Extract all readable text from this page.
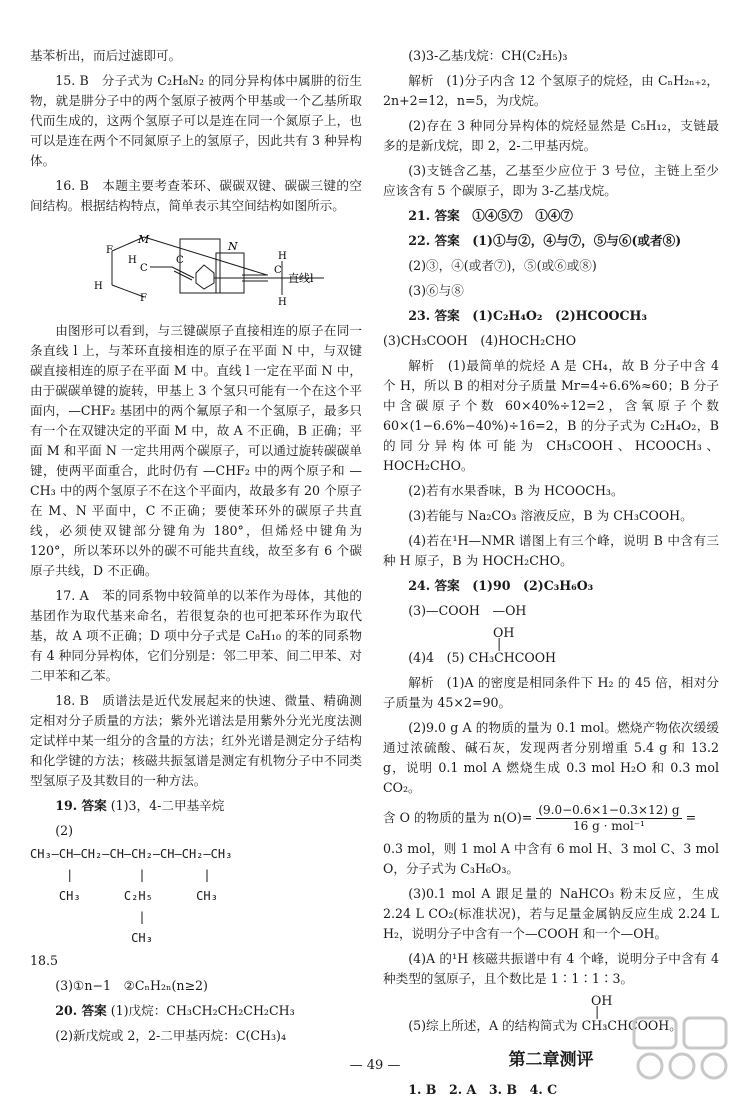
基苯析出，而后过滤即可。

15. B　分子式为 C₂H₈N₂ 的同分异构体中属肼的衍生物，就是肼分子中的两个氢原子被两个甲基或一个乙基所取代而生成的，这两个氢原子可以是连在同一个氮原子上，也可以是连在两个不同氮原子上的氢原子，因此共有 3 种异构体。

16. B　本题主要考查苯环、碳碳双键、碳碳三键的空间结构。根据结构特点，简单表示其空间结构如图所示。

M
N
F
F
H
H
H
H
C
C
C
直线l

由图形可以看到，与三键碳原子直接相连的原子在同一条直线 l 上，与苯环直接相连的原子在平面 N 中，与双键碳直接相连的原子在平面 M 中。直线 l 一定在平面 N 中，由于碳碳单键的旋转，甲基上 3 个氢只可能有一个在这个平面内，—CHF₂ 基团中的两个氟原子和一个氢原子，最多只有一个在双键决定的平面 M 中，故 A 不正确，B 正确；平面 M 和平面 N 一定共用两个碳原子，可以通过旋转碳碳单键，使两平面重合，此时仍有 —CHF₂ 中的两个原子和 —CH₃ 中的两个氢原子不在这个平面内，故最多有 20 个原子在 M、N 平面中，C 不正确；要使苯环外的碳原子共直线，必须使双键部分键角为 180°，但烯烃中键角为 120°，所以苯环以外的碳不可能共直线，故至多有 6 个碳原子共线，D 不正确。

17. A　苯的同系物中较简单的以苯作为母体，其他的基团作为取代基来命名，若很复杂的也可把苯环作为取代基，故 A 项不正确；D 项中分子式是 C₈H₁₀ 的苯的同系物有 4 种同分异构体，它们分别是：邻二甲苯、间二甲苯、对二甲苯和乙苯。

18. B　质谱法是近代发展起来的快速、微量、精确测定相对分子质量的方法；紫外光谱法是用紫外分光光度法测定试样中某一组分的含量的方法；红外光谱是测定分子结构和化学键的方法；核磁共振氢谱是测定有机物分子中不同类型氢原子及其数目的一种方法。

19. 答案 (1)3，4-二甲基辛烷

(2)

CH₃—CH—CH₂—CH—CH₂—CH—CH₂—CH₃
|         |        |
CH₃      C₂H₅      CH₃
|
CH₃

18.5

(3)①n−1　②CₙH₂ₙ(n≥2)

20. 答案 (1)戊烷：CH₃CH₂CH₂CH₂CH₃

(2)新戊烷或 2，2-二甲基丙烷：C(CH₃)₄

(3)3-乙基戊烷：CH(C₂H₅)₃

解析　(1)分子内含 12 个氢原子的烷烃，由 CₙH₂ₙ₊₂，2n+2=12，n=5，为戊烷。

(2)存在 3 种同分异构体的烷烃显然是 C₅H₁₂，支链最多的是新戊烷，即 2，2-二甲基丙烷。

(3)支链含乙基，乙基至少应位于 3 号位，主链上至少应该含有 5 个碳原子，即为 3-乙基戊烷。

21. 答案　①④⑤⑦　①④⑦

22. 答案　(1)①与②，④与⑦，⑤与⑥(或者⑧)

(2)③，④(或者⑦)，⑤(或⑥或⑧)

(3)⑥与⑧

23. 答案　(1)C₂H₄O₂　(2)HCOOCH₃

(3)CH₃COOH　(4)HOCH₂CHO

解析　(1)最简单的烷烃 A 是 CH₄，故 B 分子中含 4 个 H，所以 B 的相对分子质量 Mr=4÷6.6%≈60；B 分子中含碳原子个数 60×40%÷12=2，含氧原子个数 60×(1−6.6%−40%)÷16=2，B 的分子式为 C₂H₄O₂，B 的同分异构体可能为 CH₃COOH、HCOOCH₃、HOCH₂CHO。

(2)若有水果香味，B 为 HCOOCH₃。

(3)若能与 Na₂CO₃ 溶液反应，B 为 CH₃COOH。

(4)若在¹H—NMR 谱图上有三个峰，说明 B 中含有三种 H 原子，B 为 HOCH₂CHO。

24. 答案　(1)90　(2)C₃H₆O₃

(3)—COOH　—OH

OH
|

(4)4　(5) CH₃CHCOOH

解析　(1)A 的密度是相同条件下 H₂ 的 45 倍，相对分子质量为 45×2=90。

(2)9.0 g A 的物质的量为 0.1 mol。燃烧产物依次缓缓通过浓硫酸、碱石灰，发现两者分别增重 5.4 g 和 13.2 g，说明 0.1 mol A 燃烧生成 0.3 mol H₂O 和 0.3 mol CO₂。

含 O 的物质的量为 $n(O)= \frac{(9.0-0.6\times 1-0.3\times 12) g}{\text{16 g · mol⁻¹}}$ =

0.3 mol，则 1 mol A 中含有 6 mol H、3 mol C、3 mol O，分子式为 C₃H₆O₃。

(3)0.1 mol A 跟足量的 NaHCO₃ 粉末反应，生成 2.24 L CO₂(标准状况)，若与足量金属钠反应生成 2.24 L H₂，说明分子中含有一个—COOH 和一个—OH。

(4)A 的¹H 核磁共振谱中有 4 个峰，说明分子中含有 4 种类型的氢原子，且个数比是 1∶1∶1∶3。

OH
|

(5)综上所述，A 的结构简式为 CH₃CHCOOH。

第二章测评

1. B　2. A　3. B　4. C

— 49 —
